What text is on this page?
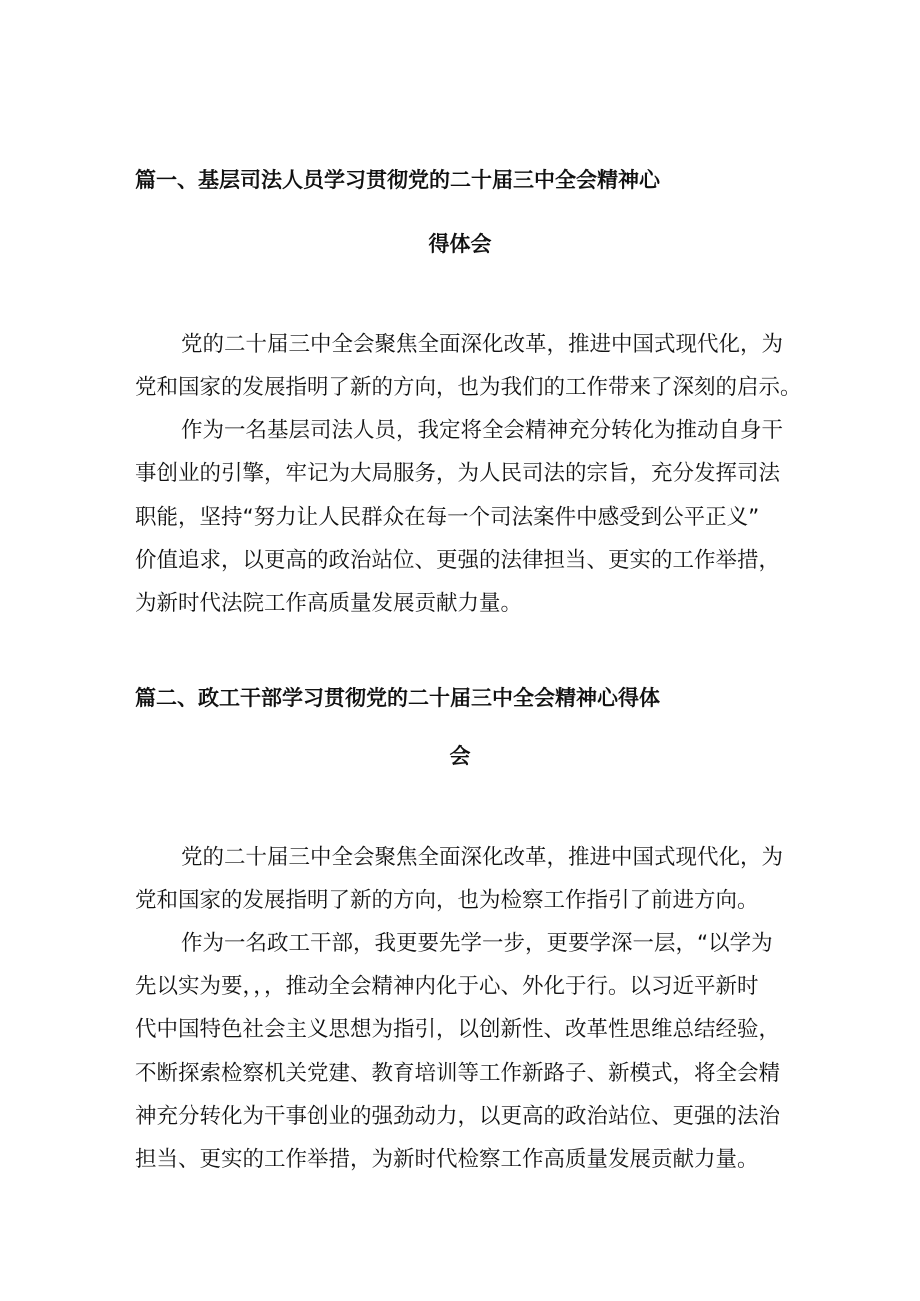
篇一、基层司法人员学习贯彻党的二十届三中全会精神心
得体会
党的二十届三中全会聚焦全面深化改革，推进中国式现代化，为
党和国家的发展指明了新的方向，也为我们的工作带来了深刻的启示。
作为一名基层司法人员，我定将全会精神充分转化为推动自身干
事创业的引擎，牢记为大局服务，为人民司法的宗旨，充分发挥司法
职能，坚持“努力让人民群众在每一个司法案件中感受到公平正义”
价值追求，以更高的政治站位、更强的法律担当、更实的工作举措，
为新时代法院工作高质量发展贡献力量。
篇二、政工干部学习贯彻党的二十届三中全会精神心得体
会
党的二十届三中全会聚焦全面深化改革，推进中国式现代化，为
党和国家的发展指明了新的方向，也为检察工作指引了前进方向。
作为一名政工干部，我更要先学一步，更要学深一层，“以学为
先以实为要，，，推动全会精神内化于心、外化于行。以习近平新时
代中国特色社会主义思想为指引，以创新性、改革性思维总结经验，
不断探索检察机关党建、教育培训等工作新路子、新模式，将全会精
神充分转化为干事创业的强劲动力，以更高的政治站位、更强的法治
担当、更实的工作举措，为新时代检察工作高质量发展贡献力量。
